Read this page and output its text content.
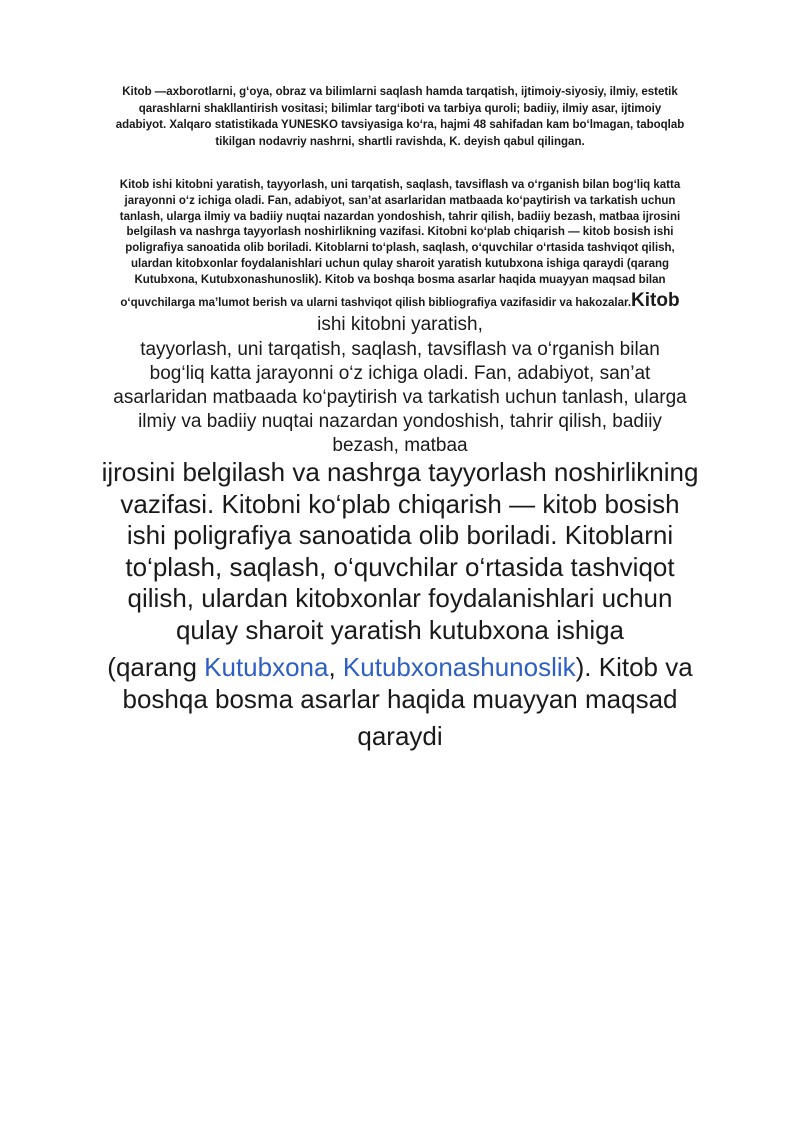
Kitob —axborotlarni, g‘oya, obraz va bilimlarni saqlash hamda tarqatish, ijtimoiy-siyosiy, ilmiy, estetik qarashlarni shakllantirish vositasi; bilimlar targ‘iboti va tarbiya quroli; badiiy, ilmiy asar, ijtimoiy adabiyot. Xalqaro statistikada YUNESKO tavsiyasiga ko‘ra, hajmi 48 sahifadan kam bo‘lmagan, taboqlab tikilgan nodavriy nashrni, shartli ravishda, K. deyish qabul qilingan.
Kitob ishi kitobni yaratish, tayyorlash, uni tarqatish, saqlash, tavsiflash va o‘rganish bilan bog‘liq katta jarayonni o‘z ichiga oladi. Fan, adabiyot, san’at asarlaridan matbaada ko‘paytirish va tarkatish uchun tanlash, ularga ilmiy va badiiy nuqtai nazardan yondoshish, tahrir qilish, badiiy bezash, matbaa ijrosini belgilash va nashrga tayyorlash noshirlikning vazifasi. Kitobni ko‘plab chiqarish — kitob bosish ishi poligrafiya sanoatida olib boriladi. Kitoblarni to‘plash, saqlash, o‘quvchilar o‘rtasida tashviqot qilish, ulardan kitobxonlar foydalanishlari uchun qulay sharoit yaratish kutubxona ishiga qaraydi (qarang Kutubxona, Kutubxonashunoslik). Kitob va boshqa bosma asarlar haqida muayyan maqsad bilan o‘quvchilarga ma’lumot berish va ularni tashviqot qilish bibliografiya vazifasidir va hakozalar.Kitob ishi kitobni yaratish,
tayyorlash, uni tarqatish, saqlash, tavsiflash va o‘rganish bilan bog‘liq katta jarayonni o‘z ichiga oladi. Fan, adabiyot, san’at asarlaridan matbaada ko‘paytirish va tarkatish uchun tanlash, ularga ilmiy va badiiy nuqtai nazardan yondoshish, tahrir qilish, badiiy bezash, matbaa
ijrosini belgilash va nashrga tayyorlash noshirlikning vazifasi. Kitobni ko‘plab chiqarish — kitob bosish ishi poligrafiya sanoatida olib boriladi. Kitoblarni to‘plash, saqlash, o‘quvchilar o‘rtasida tashviqot qilish, ulardan kitobxonlar foydalanishlari uchun qulay sharoit yaratish kutubxona ishiga
(qarang Kutubxona, Kutubxonashunoslik). Kitob va boshqa bosma asarlar haqida muayyan maqsad
qaraydi
